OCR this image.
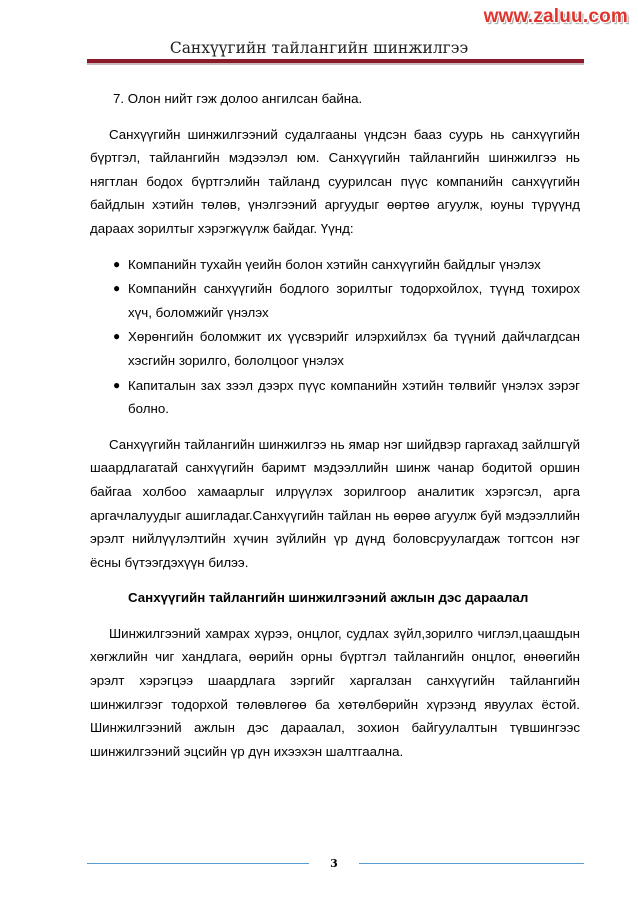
www.zaluu.com
Санхүүгийн тайлангийн шинжилгээ
7. Олон нийт гэж долоо ангилсан байна.

Санхүүгийн шинжилгээний судалгааны үндсэн бааз суурь нь санхүүгийн бүртгэл, тайлангийн мэдээлэл юм. Санхүүгийн тайлангийн шинжилгээ нь нягтлан бодох бүртгэлийн тайланд суурилсан пүүс компанийн санхүүгийн байдлын хэтийн төлөв, үнэлгээний аргуудыг өөртөө агуулж, юуны түрүүнд дараах зорилтыг хэрэгжүүлж байдаг. Үүнд:

● Компанийн тухайн үеийн болон хэтийн санхүүгийн байдлыг үнэлэх
● Компанийн санхүүгийн бодлого зорилтыг тодорхойлох, түүнд тохирох хүч, боломжийг үнэлэх
● Хөрөнгийн боломжит их үүсвэрийг илэрхийлэх ба түүний дайчлагдсан хэсгийн зорилго, бололцоог үнэлэх
● Капиталын зах зээл дээрх пүүс компанийн хэтийн төлвийг үнэлэх зэрэг болно.

Санхүүгийн тайлангийн шинжилгээ нь ямар нэг шийдвэр гаргахад зайлшгүй шаардлагатай санхүүгийн баримт мэдээллийн шинж чанар бодитой оршин байгаа холбоо хамаарлыг илрүүлэх зорилгоор аналитик хэрэгсэл, арга аргачлалуудыг ашигладаг.Санхүүгийн тайлан нь өөрөө агуулж буй мэдээллийн эрэлт нийлүүлэлтийн хүчин зүйлийн үр дүнд боловсруулагдаж тогтсон нэг ёсны бүтээгдэхүүн билээ.

Санхүүгийн тайлангийн шинжилгээний ажлын дэс дараалал

Шинжилгээний хамрах хүрээ, онцлог, судлах зүйл,зорилго чиглэл,цаашдын хөгжлийн чиг хандлага, өөрийн орны бүртгэл тайлангийн онцлог, өнөөгийн эрэлт хэрэгцээ шаардлага зэргийг харгалзан санхүүгийн тайлангийн шинжилгээг тодорхой төлөвлөгөө ба хөтөлбөрийн хүрээнд явуулах ёстой. Шинжилгээний ажлын дэс дараалал, зохион байгуулалтын түвшингээс шинжилгээний эцсийн үр дүн ихээхэн шалтгаална.

3
